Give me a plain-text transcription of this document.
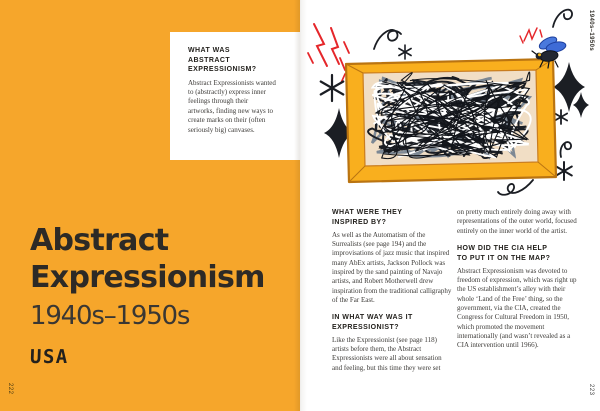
WHAT WAS ABSTRACT EXPRESSIONISM?

Abstract Expressionists wanted to (abstractly) express inner feelings through their artworks, finding new ways to create marks on their (often seriously big) canvases.

Abstract
Expressionism
1940s–1950s
USA
222
WHAT WERE THEY INSPIRED BY?

As well as the Automatism of the Surrealists (see page 194) and the improvisations of jazz music that inspired many AbEx artists, Jackson Pollock was inspired by the sand painting of Navajo artists, and Robert Motherwell drew inspiration from the traditional calligraphy of the Far East.

IN WHAT WAY WAS IT EXPRESSIONIST?

Like the Expressionist (see page 118) artists before them, the Abstract Expressionists were all about sensation and feeling, but this time they were set

on pretty much entirely doing away with representations of the outer world, focused entirely on the inner world of the artist.

HOW DID THE CIA HELP TO PUT IT ON THE MAP?

Abstract Expressionism was devoted to freedom of expression, which was right up the US establishment’s alley with their whole ‘Land of the Free’ thing, so the government, via the CIA, created the Congress for Cultural Freedom in 1950, which promoted the movement internationally (and wasn’t revealed as a CIA intervention until 1966).

1940s–1950s
223
